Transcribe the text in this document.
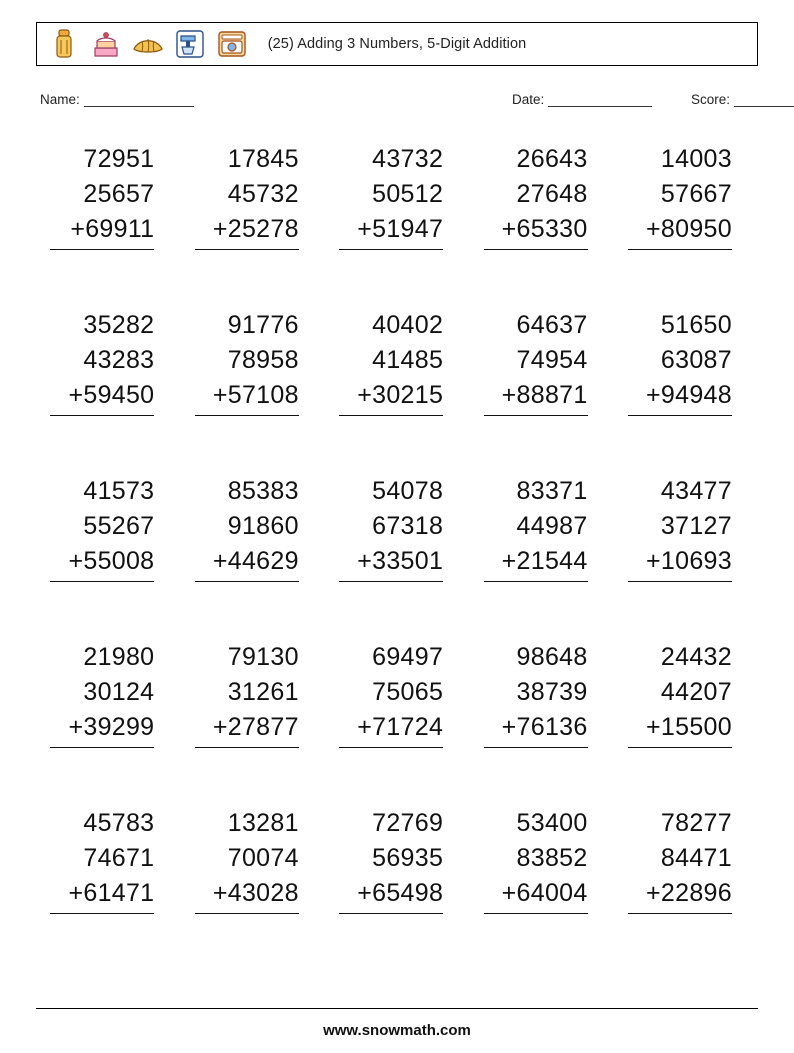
(25) Adding 3 Numbers, 5-Digit Addition
Name:	Date:	Score:
72951
25657
+69911
17845
45732
+25278
43732
50512
+51947
26643
27648
+65330
14003
57667
+80950
35282
43283
+59450
91776
78958
+57108
40402
41485
+30215
64637
74954
+88871
51650
63087
+94948
41573
55267
+55008
85383
91860
+44629
54078
67318
+33501
83371
44987
+21544
43477
37127
+10693
21980
30124
+39299
79130
31261
+27877
69497
75065
+71724
98648
38739
+76136
24432
44207
+15500
45783
74671
+61471
13281
70074
+43028
72769
56935
+65498
53400
83852
+64004
78277
84471
+22896
www.snowmath.com
